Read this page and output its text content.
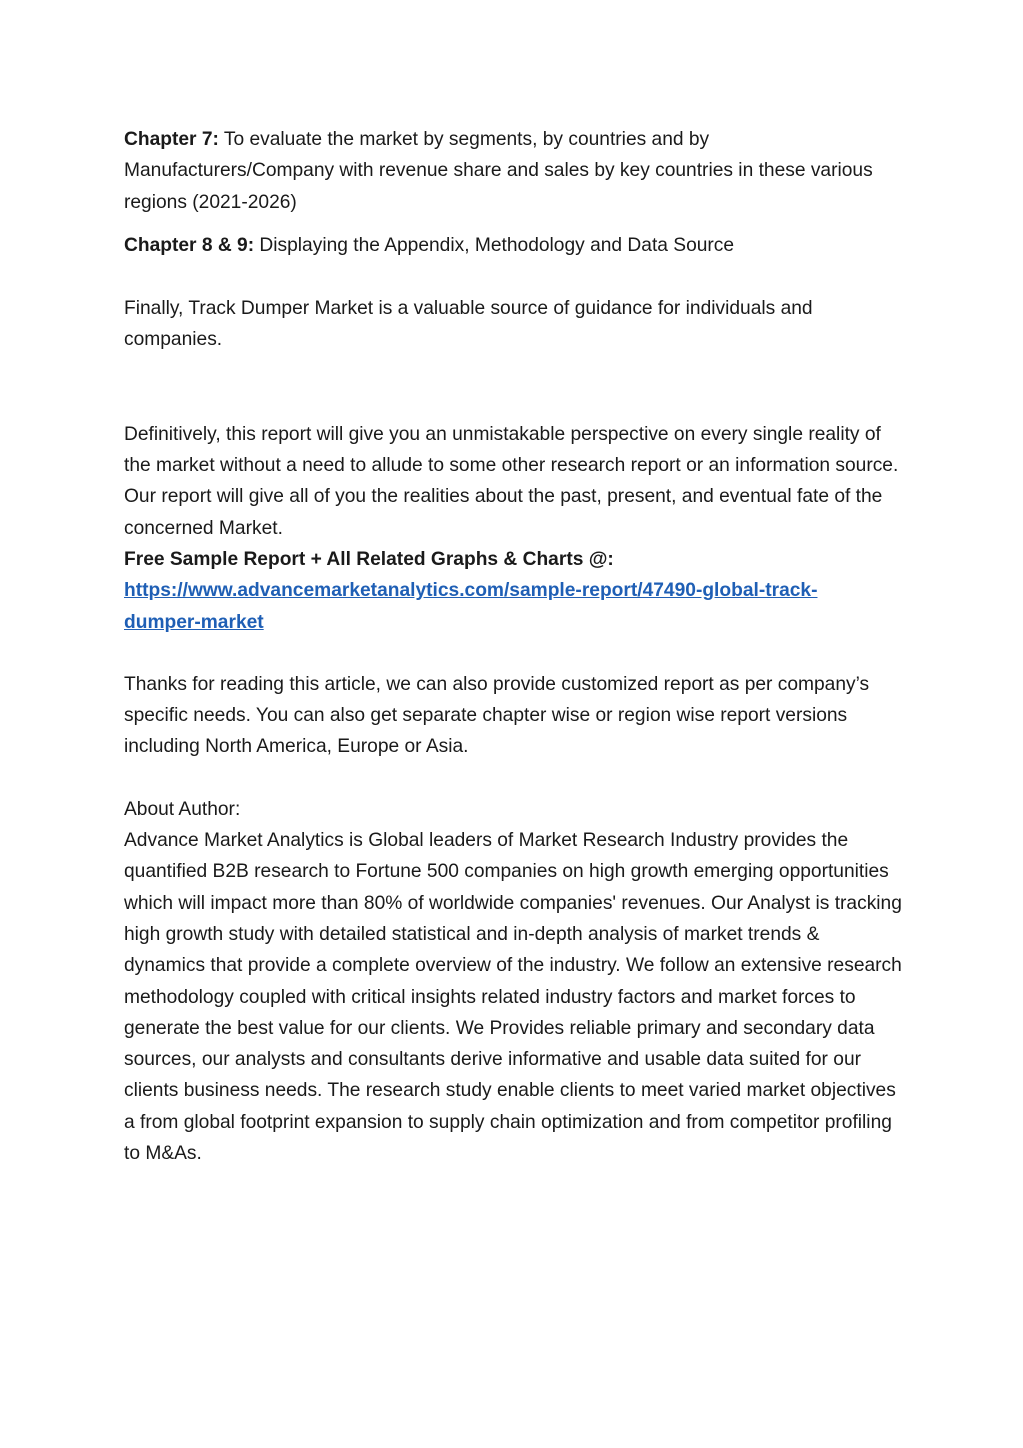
Chapter 7: To evaluate the market by segments, by countries and by Manufacturers/Company with revenue share and sales by key countries in these various regions (2021-2026)

Chapter 8 & 9: Displaying the Appendix, Methodology and Data Source

Finally, Track Dumper Market is a valuable source of guidance for individuals and companies.

Definitively, this report will give you an unmistakable perspective on every single reality of the market without a need to allude to some other research report or an information source. Our report will give all of you the realities about the past, present, and eventual fate of the concerned Market.

Free Sample Report + All Related Graphs & Charts @:

https://www.advancemarketanalytics.com/sample-report/47490-global-track-
dumper-market

Thanks for reading this article, we can also provide customized report as per company’s specific needs. You can also get separate chapter wise or region wise report versions including North America, Europe or Asia.

About Author:

Advance Market Analytics is Global leaders of Market Research Industry provides the quantified B2B research to Fortune 500 companies on high growth emerging opportunities which will impact more than 80% of worldwide companies' revenues. Our Analyst is tracking high growth study with detailed statistical and in-depth analysis of market trends & dynamics that provide a complete overview of the industry. We follow an extensive research methodology coupled with critical insights related industry factors and market forces to generate the best value for our clients. We Provides reliable primary and secondary data sources, our analysts and consultants derive informative and usable data suited for our clients business needs. The research study enable clients to meet varied market objectives a from global footprint expansion to supply chain optimization and from competitor profiling to M&As.
